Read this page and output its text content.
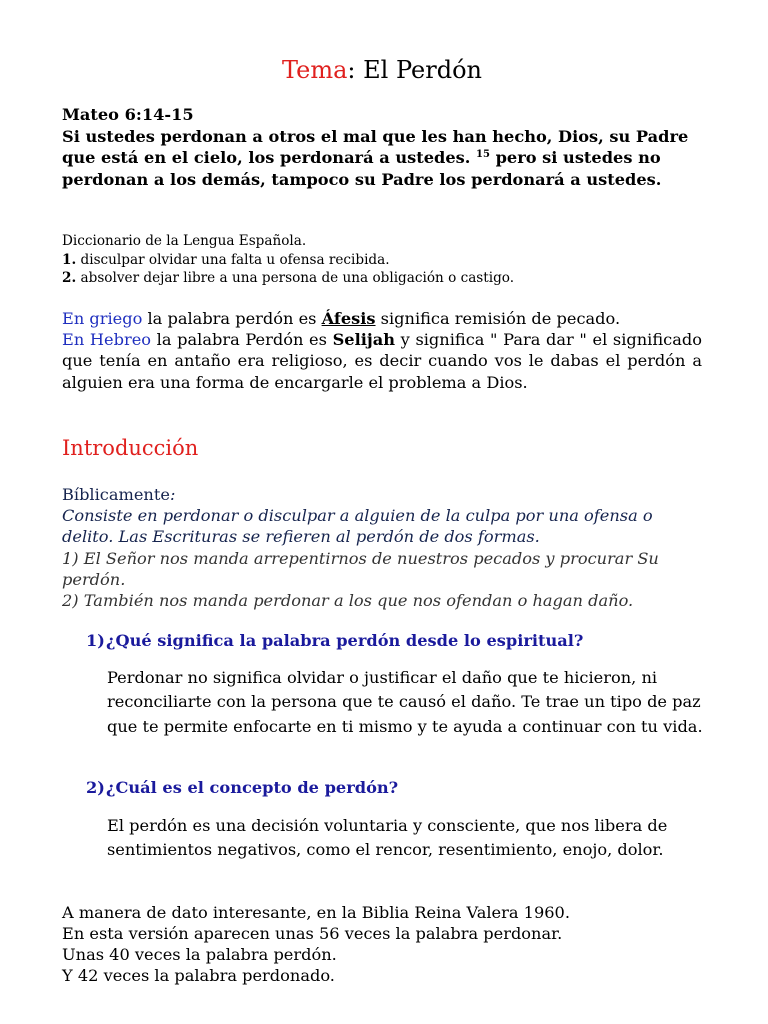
Tema: El Perdón
Mateo 6:14-15
Si ustedes perdonan a otros el mal que les han hecho, Dios, su Padre que está en el cielo, los perdonará a ustedes. $^{15}$ pero si ustedes no perdonan a los demás, tampoco su Padre los perdonará a ustedes.
Diccionario de la Lengua Española.
1. disculpar olvidar una falta u ofensa recibida.
2. absolver dejar libre a una persona de una obligación o castigo.
En griego la palabra perdón es Áfesis significa remisión de pecado.
En Hebreo la palabra Perdón es Selijah y significa " Para dar " el significado que tenía en antaño era religioso, es decir cuando vos le dabas el perdón a alguien era una forma de encargarle el problema a Dios.
Introducción
Bíblicamente:
Consiste en perdonar o disculpar a alguien de la culpa por una ofensa o delito. Las Escrituras se refieren al perdón de dos formas.
1) El Señor nos manda arrepentirnos de nuestros pecados y procurar Su perdón.
2) También nos manda perdonar a los que nos ofendan o hagan daño.
1)¿Qué significa la palabra perdón desde lo espiritual?
Perdonar no significa olvidar o justificar el daño que te hicieron, ni reconciliarte con la persona que te causó el daño. Te trae un tipo de paz que te permite enfocarte en ti mismo y te ayuda a continuar con tu vida.
2)¿Cuál es el concepto de perdón?
El perdón es una decisión voluntaria y consciente, que nos libera de sentimientos negativos, como el rencor, resentimiento, enojo, dolor.
A manera de dato interesante, en la Biblia Reina Valera 1960.
En esta versión aparecen unas 56 veces la palabra perdonar.
Unas 40 veces la palabra perdón.
Y 42 veces la palabra perdonado.
